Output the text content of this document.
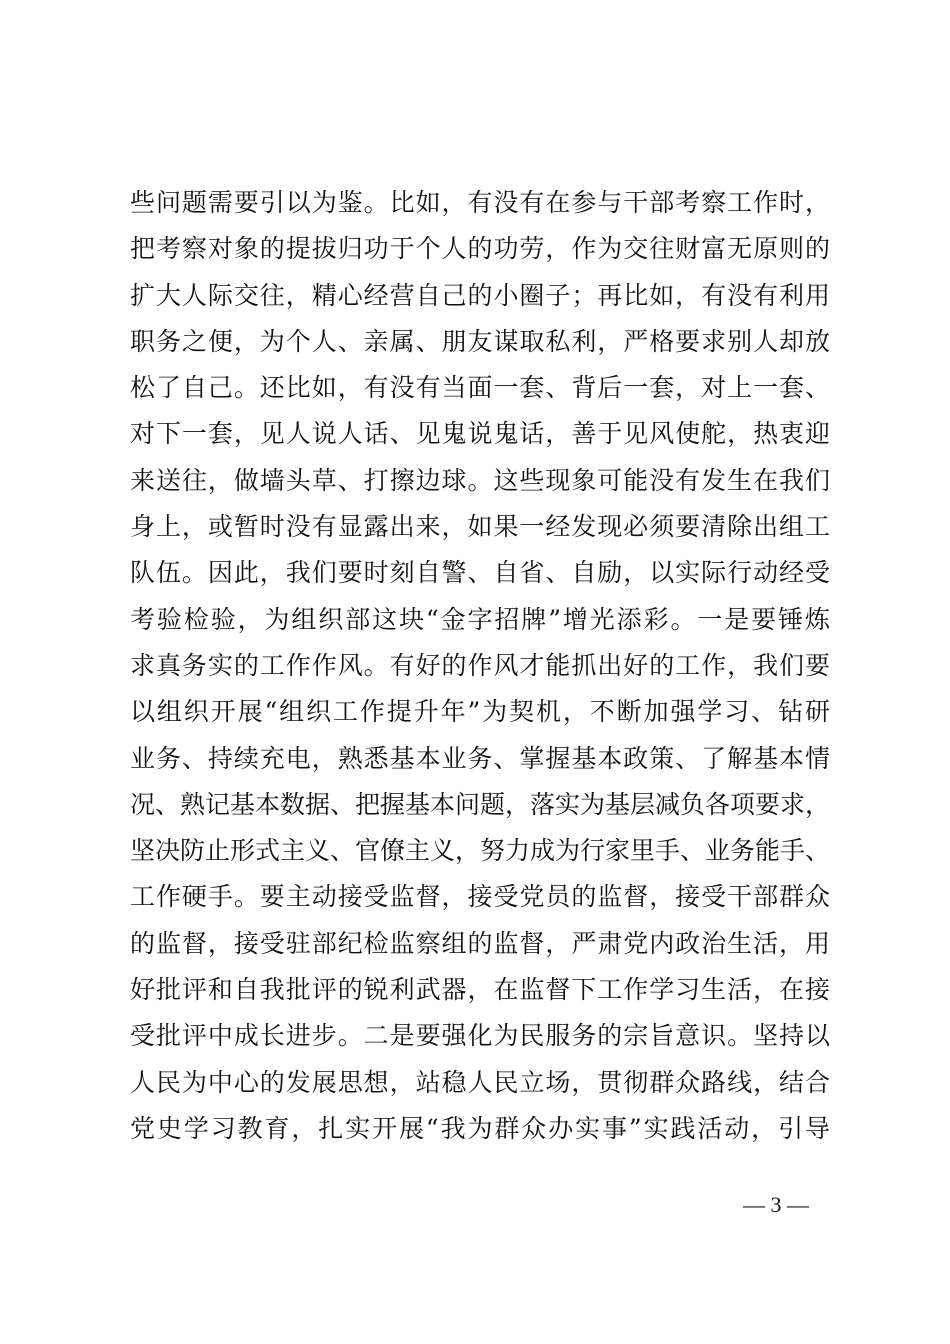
些问题需要引以为鉴。比如，有没有在参与干部考察工作时，
把考察对象的提拔归功于个人的功劳，作为交往财富无原则的
扩大人际交往，精心经营自己的小圈子；再比如，有没有利用
职务之便，为个人、亲属、朋友谋取私利，严格要求别人却放
松了自己。还比如，有没有当面一套、背后一套，对上一套、
对下一套，见人说人话、见鬼说鬼话，善于见风使舵，热衷迎
来送往，做墙头草、打擦边球。这些现象可能没有发生在我们
身上，或暂时没有显露出来，如果一经发现必须要清除出组工
队伍。因此，我们要时刻自警、自省、自励，以实际行动经受
考验检验，为组织部这块“金字招牌”增光添彩。一是要锤炼
求真务实的工作作风。有好的作风才能抓出好的工作，我们要
以组织开展“组织工作提升年”为契机，不断加强学习、钻研
业务、持续充电，熟悉基本业务、掌握基本政策、了解基本情
况、熟记基本数据、把握基本问题，落实为基层减负各项要求，
坚决防止形式主义、官僚主义，努力成为行家里手、业务能手、
工作硬手。要主动接受监督，接受党员的监督，接受干部群众
的监督，接受驻部纪检监察组的监督，严肃党内政治生活，用
好批评和自我批评的锐利武器，在监督下工作学习生活，在接
受批评中成长进步。二是要强化为民服务的宗旨意识。坚持以
人民为中心的发展思想，站稳人民立场，贯彻群众路线，结合
党史学习教育，扎实开展“我为群众办实事”实践活动，引导
— 3 —
